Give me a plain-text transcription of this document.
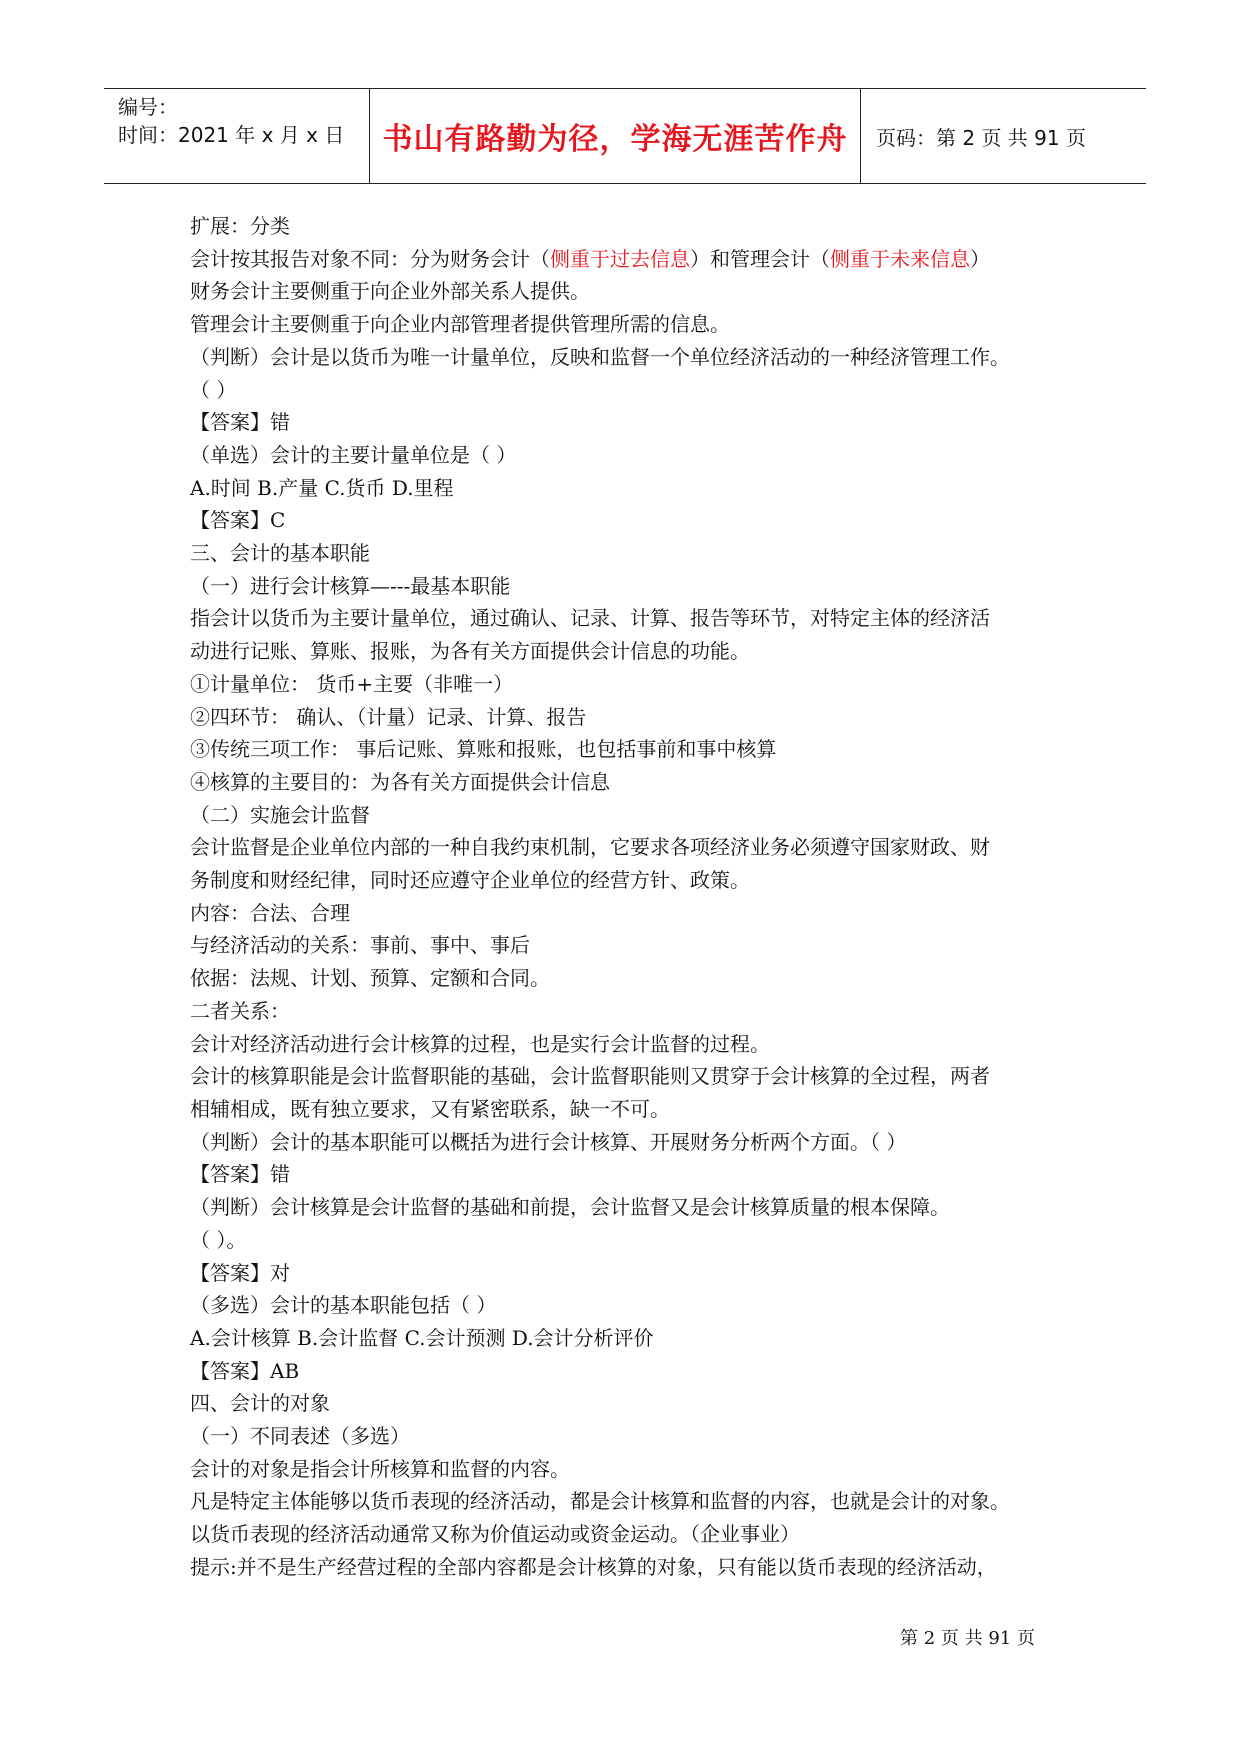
编号：
时间：2021 年 x 月 x 日	书山有路勤为径，学海无涯苦作舟	页码：第 2 页 共 91 页
扩展：分类
会计按其报告对象不同：分为财务会计（侧重于过去信息）和管理会计（侧重于未来信息）
财务会计主要侧重于向企业外部关系人提供。
管理会计主要侧重于向企业内部管理者提供管理所需的信息。
（判断）会计是以货币为唯一计量单位，反映和监督一个单位经济活动的一种经济管理工作。
（ ）
【答案】错
（单选）会计的主要计量单位是（ ）
A.时间 B.产量 C.货币 D.里程
【答案】C
三、会计的基本职能
（一）进行会计核算—---最基本职能
指会计以货币为主要计量单位，通过确认、记录、计算、报告等环节，对特定主体的经济活
动进行记账、算账、报账，为各有关方面提供会计信息的功能。
①计量单位： 货币+主要（非唯一）
②四环节： 确认、（计量）记录、计算、报告
③传统三项工作： 事后记账、算账和报账，也包括事前和事中核算
④核算的主要目的：为各有关方面提供会计信息
（二）实施会计监督
会计监督是企业单位内部的一种自我约束机制，它要求各项经济业务必须遵守国家财政、财
务制度和财经纪律，同时还应遵守企业单位的经营方针、政策。
内容：合法、合理
与经济活动的关系：事前、事中、事后
依据：法规、计划、预算、定额和合同。
二者关系：
会计对经济活动进行会计核算的过程，也是实行会计监督的过程。
会计的核算职能是会计监督职能的基础，会计监督职能则又贯穿于会计核算的全过程，两者
相辅相成，既有独立要求，又有紧密联系，缺一不可。
（判断）会计的基本职能可以概括为进行会计核算、开展财务分析两个方面。（ ）
【答案】错
（判断）会计核算是会计监督的基础和前提，会计监督又是会计核算质量的根本保障。
（ ）。
【答案】对
（多选）会计的基本职能包括（ ）
A.会计核算 B.会计监督 C.会计预测 D.会计分析评价
【答案】AB
四、会计的对象
（一）不同表述（多选）
会计的对象是指会计所核算和监督的内容。
凡是特定主体能够以货币表现的经济活动，都是会计核算和监督的内容，也就是会计的对象。
以货币表现的经济活动通常又称为价值运动或资金运动。（企业事业）
提示:并不是生产经营过程的全部内容都是会计核算的对象，只有能以货币表现的经济活动，
第 2 页 共 91 页
